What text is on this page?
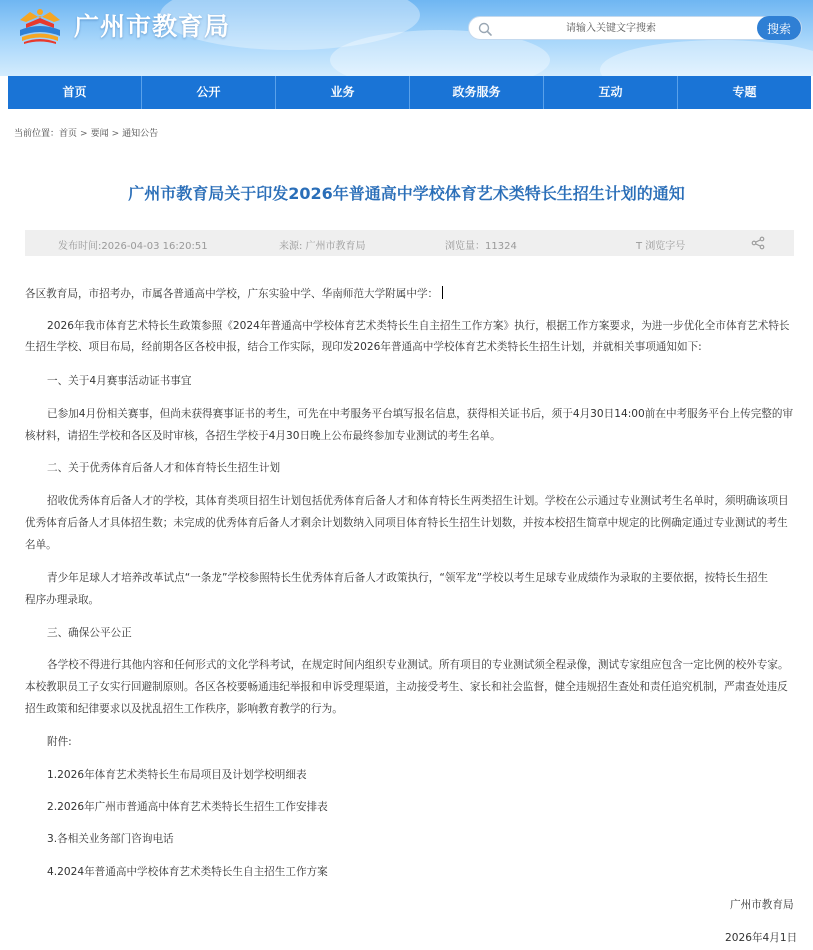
广州市教育局
请输入关键文字搜索	搜索
首页	公开	业务	政务服务	互动	专题
当前位置：首页 > 要闻 > 通知公告
广州市教育局关于印发2026年普通高中学校体育艺术类特长生招生计划的通知
发布时间:2026-04-03 16:20:51	来源: 广州市教育局	浏览量：11324	T 浏览字号
各区教育局，市招考办，市属各普通高中学校，广东实验中学、华南师范大学附属中学：
2026年我市体育艺术特长生政策参照《2024年普通高中学校体育艺术类特长生自主招生工作方案》执行，根据工作方案要求，为进一步优化全市体育艺术特长
生招生学校、项目布局，经前期各区各校申报，结合工作实际，现印发2026年普通高中学校体育艺术类特长生招生计划，并就相关事项通知如下:
一、关于4月赛事活动证书事宜
已参加4月份相关赛事，但尚未获得赛事证书的考生，可先在中考服务平台填写报名信息，获得相关证书后，须于4月30日14:00前在中考服务平台上传完整的审
核材料，请招生学校和各区及时审核，各招生学校于4月30日晚上公布最终参加专业测试的考生名单。
二、关于优秀体育后备人才和体育特长生招生计划
招收优秀体育后备人才的学校，其体育类项目招生计划包括优秀体育后备人才和体育特长生两类招生计划。学校在公示通过专业测试考生名单时，须明确该项目
优秀体育后备人才具体招生数；未完成的优秀体育后备人才剩余计划数纳入同项目体育特长生招生计划数，并按本校招生简章中规定的比例确定通过专业测试的考生
名单。
青少年足球人才培养改革试点“一条龙”学校参照特长生优秀体育后备人才政策执行，“领军龙”学校以考生足球专业成绩作为录取的主要依据，按特长生招生
程序办理录取。
三、确保公平公正
各学校不得进行其他内容和任何形式的文化学科考试，在规定时间内组织专业测试。所有项目的专业测试须全程录像，测试专家组应包含一定比例的校外专家。
本校教职员工子女实行回避制原则。各区各校要畅通违纪举报和申诉受理渠道，主动接受考生、家长和社会监督，健全违规招生查处和责任追究机制，严肃查处违反
招生政策和纪律要求以及扰乱招生工作秩序，影响教育教学的行为。
附件:
1.2026年体育艺术类特长生布局项目及计划学校明细表
2.2026年广州市普通高中体育艺术类特长生招生工作安排表
3.各相关业务部门咨询电话
4.2024年普通高中学校体育艺术类特长生自主招生工作方案
广州市教育局
2026年4月1日
